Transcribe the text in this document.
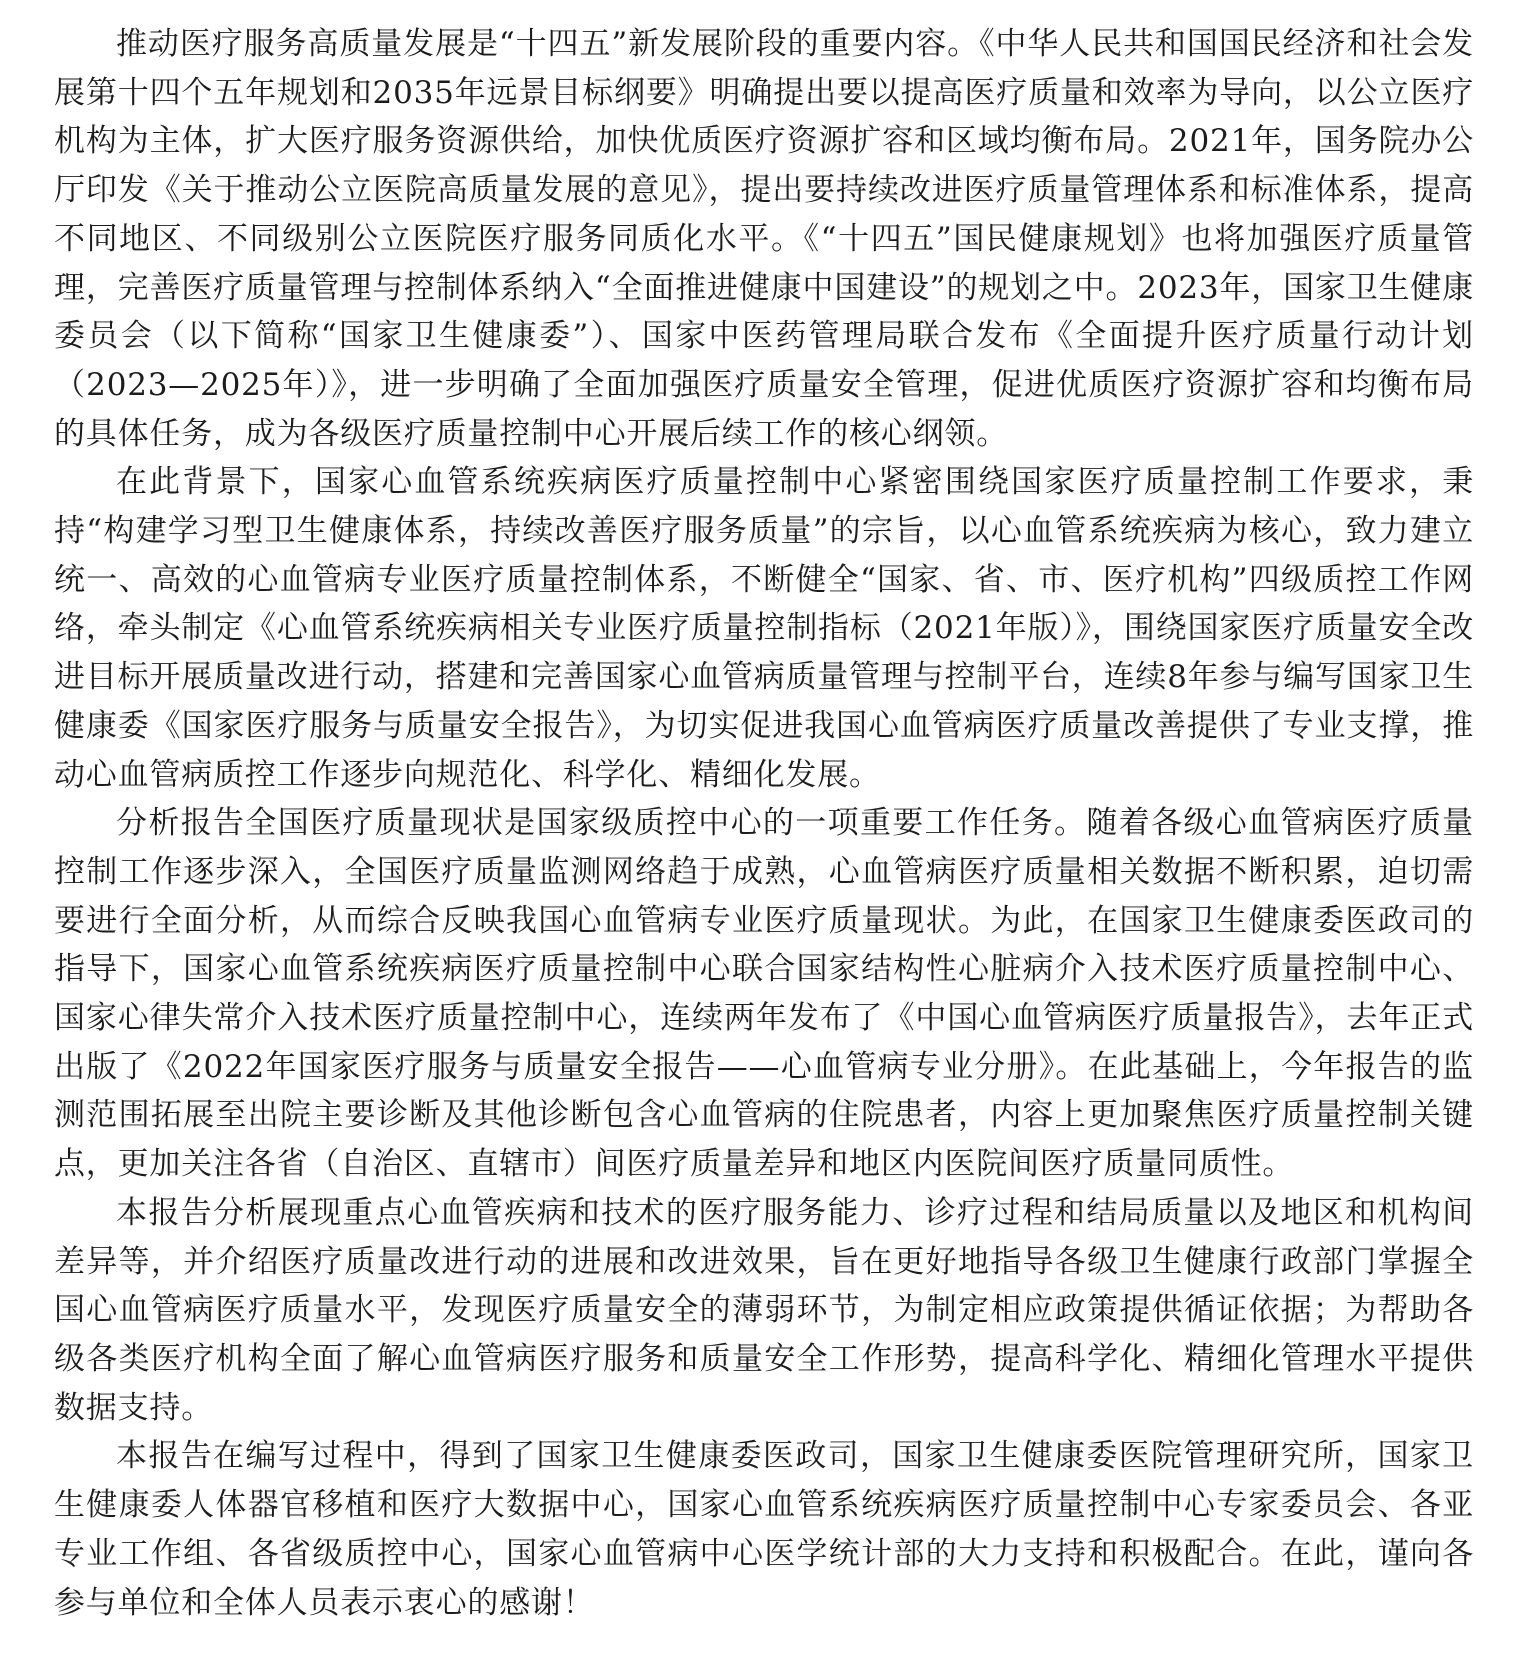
推动医疗服务高质量发展是“十四五”新发展阶段的重要内容。《中华人民共和国国民经济和社会发展第十四个五年规划和2035年远景目标纲要》明确提出要以提高医疗质量和效率为导向，以公立医疗机构为主体，扩大医疗服务资源供给，加快优质医疗资源扩容和区域均衡布局。2021年，国务院办公厅印发《关于推动公立医院高质量发展的意见》，提出要持续改进医疗质量管理体系和标准体系，提高不同地区、不同级别公立医院医疗服务同质化水平。《“十四五”国民健康规划》也将加强医疗质量管理，完善医疗质量管理与控制体系纳入“全面推进健康中国建设”的规划之中。2023年，国家卫生健康委员会（以下简称“国家卫生健康委”）、国家中医药管理局联合发布《全面提升医疗质量行动计划（2023—2025年）》，进一步明确了全面加强医疗质量安全管理，促进优质医疗资源扩容和均衡布局的具体任务，成为各级医疗质量控制中心开展后续工作的核心纲领。

在此背景下，国家心血管系统疾病医疗质量控制中心紧密围绕国家医疗质量控制工作要求，秉持“构建学习型卫生健康体系，持续改善医疗服务质量”的宗旨，以心血管系统疾病为核心，致力建立统一、高效的心血管病专业医疗质量控制体系，不断健全“国家、省、市、医疗机构”四级质控工作网络，牵头制定《心血管系统疾病相关专业医疗质量控制指标（2021年版）》，围绕国家医疗质量安全改进目标开展质量改进行动，搭建和完善国家心血管病质量管理与控制平台，连续8年参与编写国家卫生健康委《国家医疗服务与质量安全报告》，为切实促进我国心血管病医疗质量改善提供了专业支撑，推动心血管病质控工作逐步向规范化、科学化、精细化发展。

分析报告全国医疗质量现状是国家级质控中心的一项重要工作任务。随着各级心血管病医疗质量控制工作逐步深入，全国医疗质量监测网络趋于成熟，心血管病医疗质量相关数据不断积累，迫切需要进行全面分析，从而综合反映我国心血管病专业医疗质量现状。为此，在国家卫生健康委医政司的指导下，国家心血管系统疾病医疗质量控制中心联合国家结构性心脏病介入技术医疗质量控制中心、国家心律失常介入技术医疗质量控制中心，连续两年发布了《中国心血管病医疗质量报告》，去年正式出版了《2022年国家医疗服务与质量安全报告——心血管病专业分册》。在此基础上，今年报告的监测范围拓展至出院主要诊断及其他诊断包含心血管病的住院患者，内容上更加聚焦医疗质量控制关键点，更加关注各省（自治区、直辖市）间医疗质量差异和地区内医院间医疗质量同质性。

本报告分析展现重点心血管疾病和技术的医疗服务能力、诊疗过程和结局质量以及地区和机构间差异等，并介绍医疗质量改进行动的进展和改进效果，旨在更好地指导各级卫生健康行政部门掌握全国心血管病医疗质量水平，发现医疗质量安全的薄弱环节，为制定相应政策提供循证依据；为帮助各级各类医疗机构全面了解心血管病医疗服务和质量安全工作形势，提高科学化、精细化管理水平提供数据支持。

本报告在编写过程中，得到了国家卫生健康委医政司，国家卫生健康委医院管理研究所，国家卫生健康委人体器官移植和医疗大数据中心，国家心血管系统疾病医疗质量控制中心专家委员会、各亚专业工作组、各省级质控中心，国家心血管病中心医学统计部的大力支持和积极配合。在此，谨向各参与单位和全体人员表示衷心的感谢！
